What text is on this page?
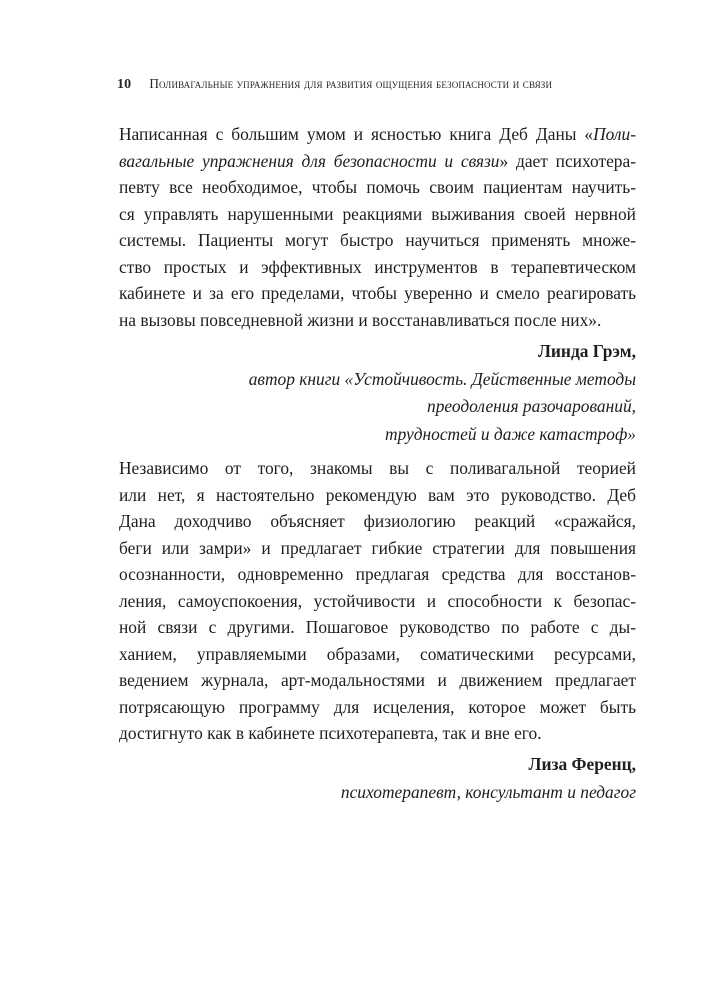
10 Поливагальные упражнения для развития ощущения безопасности и связи
Написанная с большим умом и ясностью книга Деб Даны «Поли-
вагальные упражнения для безопасности и связи» дает психотера-
певту все необходимое, чтобы помочь своим пациентам научить-
ся управлять нарушенными реакциями выживания своей нервной
системы. Пациенты могут быстро научиться применять множе-
ство простых и эффективных инструментов в терапевтическом
кабинете и за его пределами, чтобы уверенно и смело реагировать
на вызовы повседневной жизни и восстанавливаться после них».
Линда Грэм,
автор книги «Устойчивость. Действенные методы
преодоления разочарований,
трудностей и даже катастроф»
Независимо от того, знакомы вы с поливагальной теорией
или нет, я настоятельно рекомендую вам это руководство. Деб
Дана доходчиво объясняет физиологию реакций «сражайся,
беги или замри» и предлагает гибкие стратегии для повышения
осознанности, одновременно предлагая средства для восстанов-
ления, самоуспокоения, устойчивости и способности к безопас-
ной связи с другими. Пошаговое руководство по работе с ды-
ханием, управляемыми образами, соматическими ресурсами,
ведением журнала, арт-модальностями и движением предлагает
потрясающую программу для исцеления, которое может быть
достигнуто как в кабинете психотерапевта, так и вне его.
Лиза Ференц,
психотерапевт, консультант и педагог
